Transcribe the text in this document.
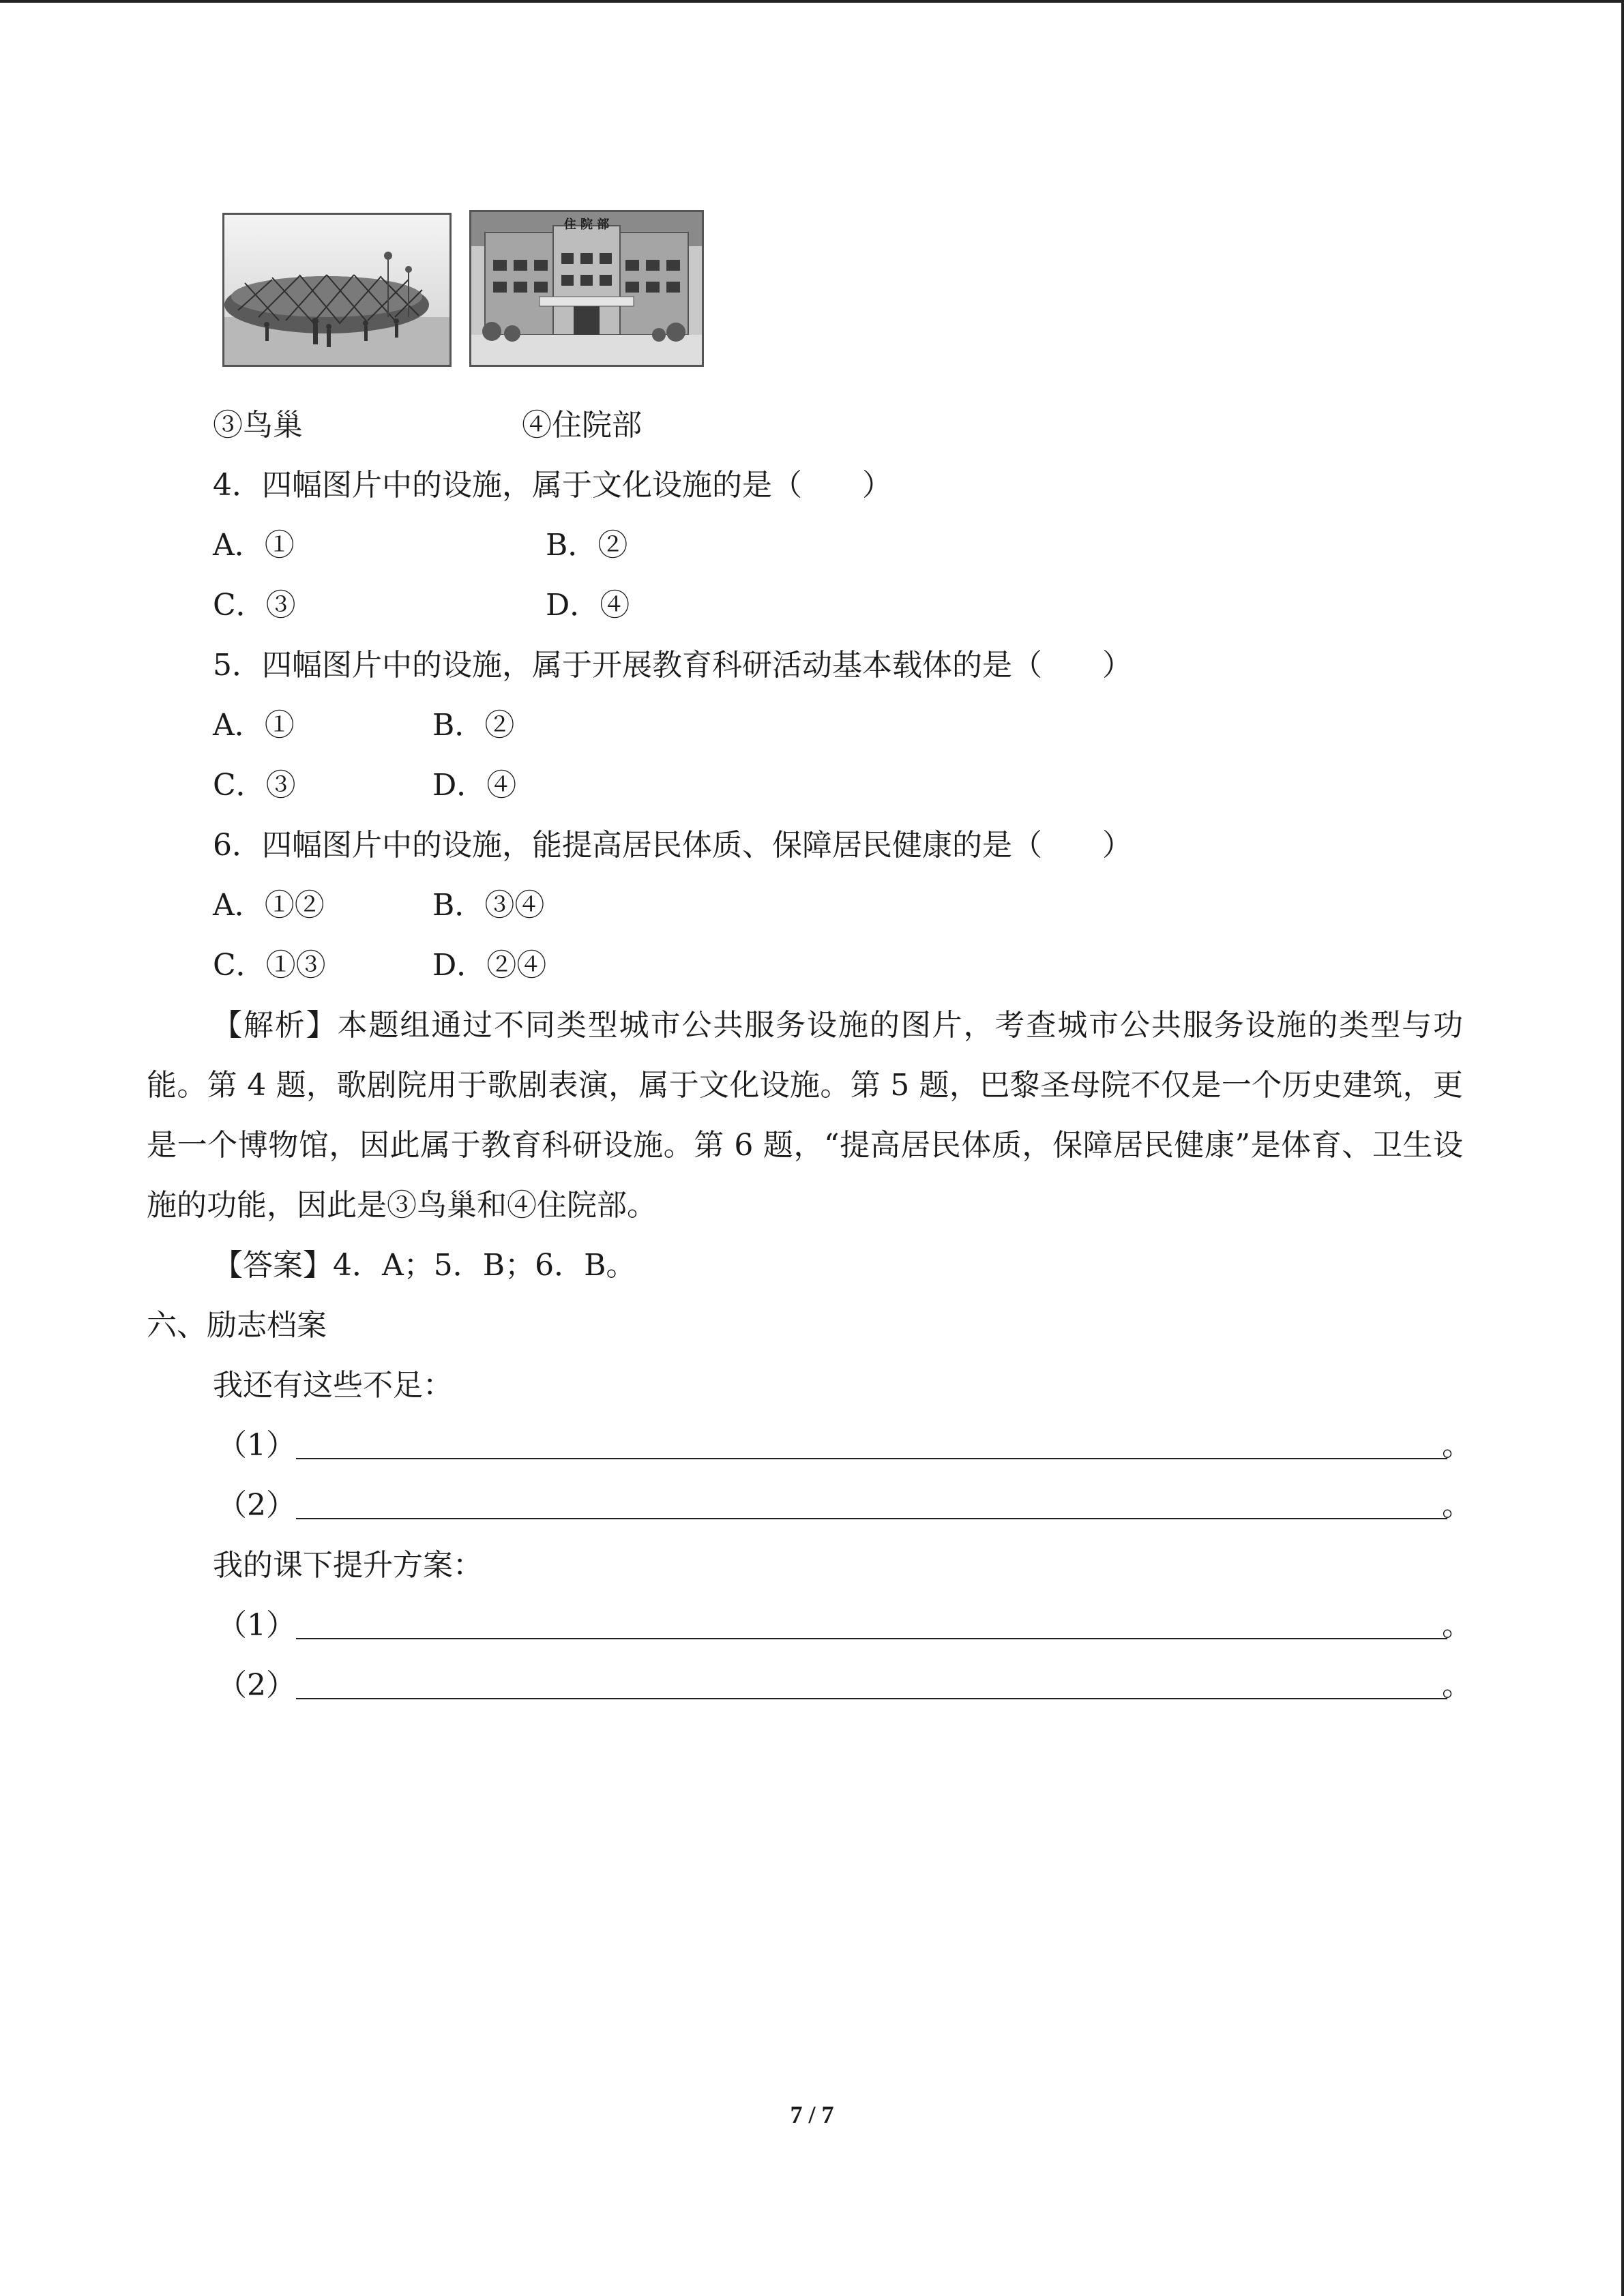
住 院 部
③鸟巢	④住院部
4．四幅图片中的设施，属于文化设施的是（　　）
A．①	B．②
C．③	D．④
5．四幅图片中的设施，属于开展教育科研活动基本载体的是（　　）
A．①	B．②
C．③	D．④
6．四幅图片中的设施，能提高居民体质、保障居民健康的是（　　）
A．①②	B．③④
C．①③	D．②④
【解析】本题组通过不同类型城市公共服务设施的图片，考查城市公共服务设施的类型与功能。第 4 题，歌剧院用于歌剧表演，属于文化设施。第 5 题，巴黎圣母院不仅是一个历史建筑，更是一个博物馆，因此属于教育科研设施。第 6 题，“提高居民体质，保障居民健康”是体育、卫生设施的功能，因此是③鸟巢和④住院部。
【答案】4．A；5．B；6．B。
六、励志档案
我还有这些不足：
（1）	。
（2）	。
我的课下提升方案：
（1）	。
（2）	。
7 / 7
